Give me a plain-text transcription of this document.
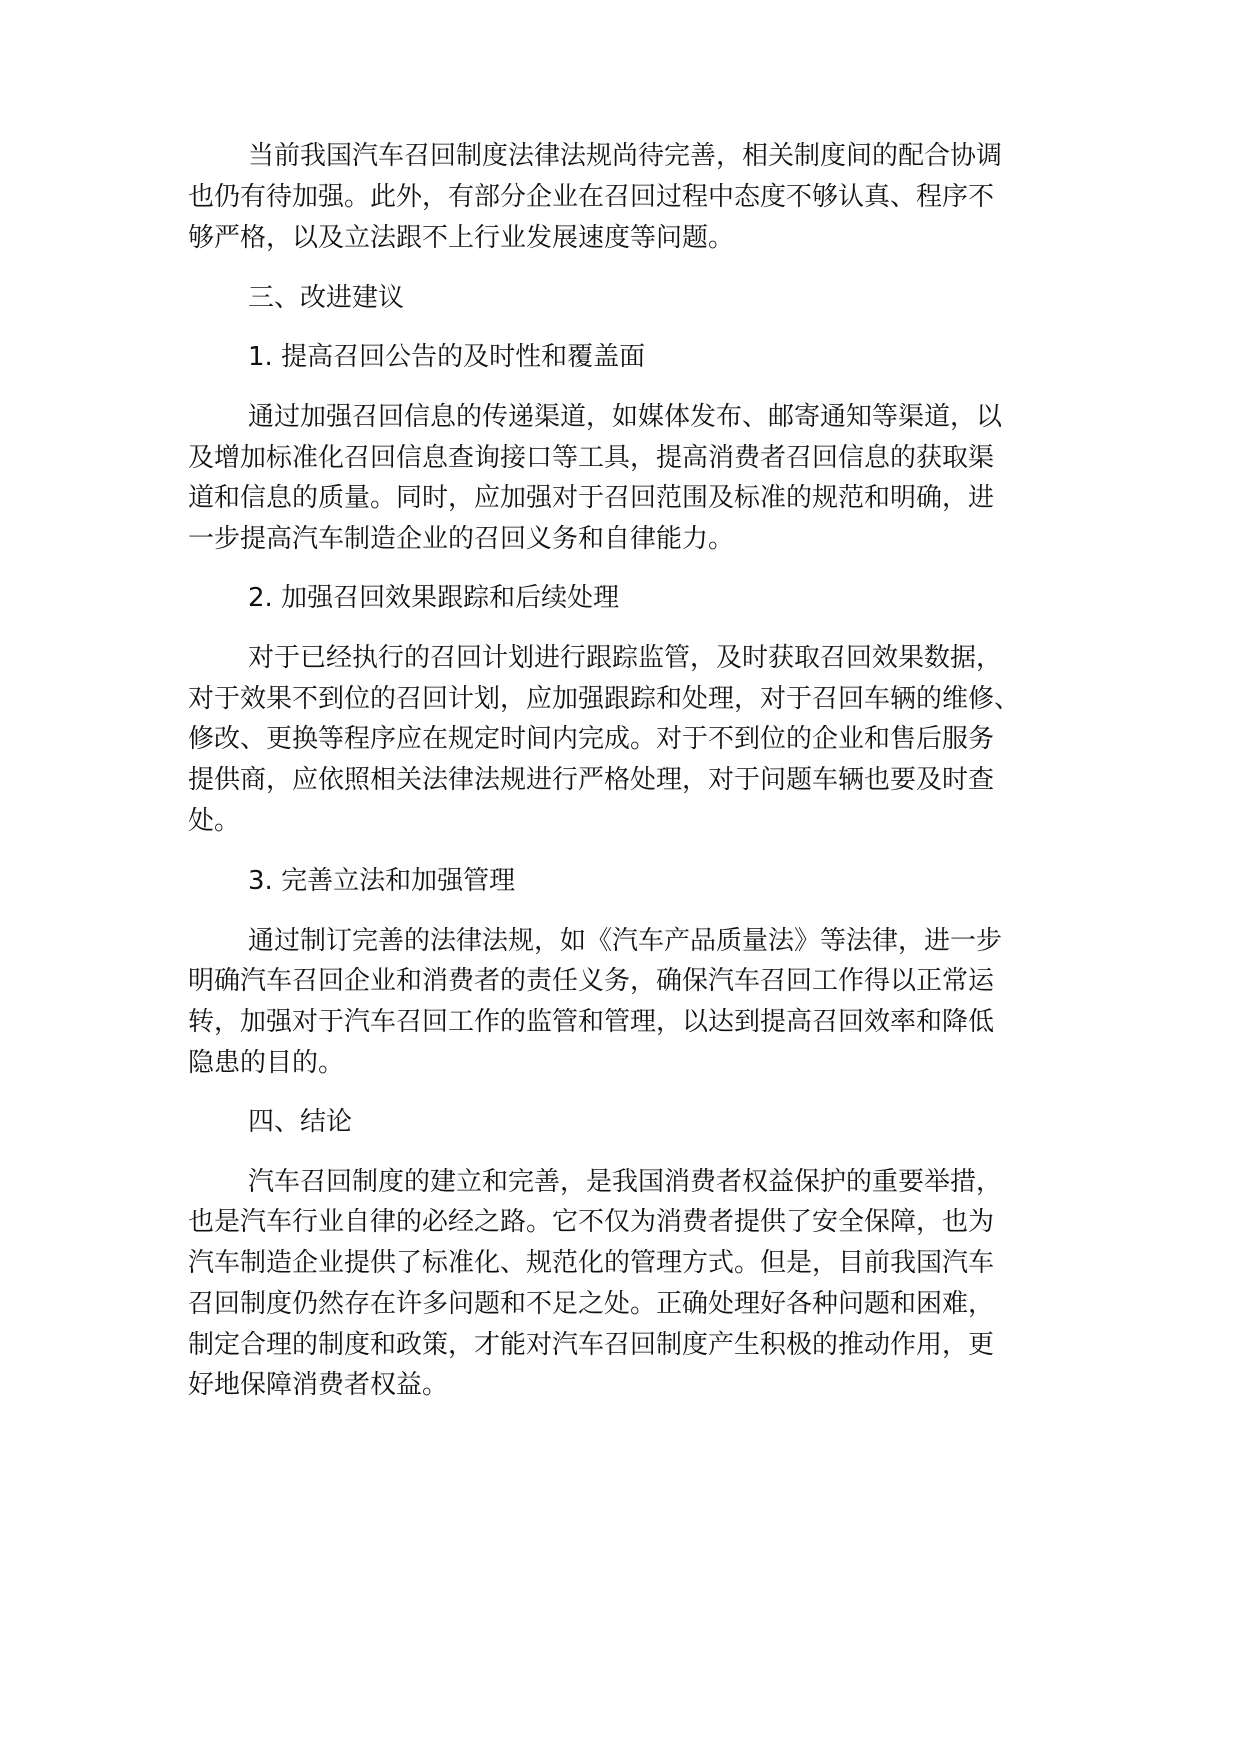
当前我国汽车召回制度法律法规尚待完善，相关制度间的配合协调
也仍有待加强。此外，有部分企业在召回过程中态度不够认真、程序不
够严格，以及立法跟不上行业发展速度等问题。
三、改进建议
1. 提高召回公告的及时性和覆盖面
通过加强召回信息的传递渠道，如媒体发布、邮寄通知等渠道，以
及增加标准化召回信息查询接口等工具，提高消费者召回信息的获取渠
道和信息的质量。同时，应加强对于召回范围及标准的规范和明确，进
一步提高汽车制造企业的召回义务和自律能力。
2. 加强召回效果跟踪和后续处理
对于已经执行的召回计划进行跟踪监管，及时获取召回效果数据，
对于效果不到位的召回计划，应加强跟踪和处理，对于召回车辆的维修、
修改、更换等程序应在规定时间内完成。对于不到位的企业和售后服务
提供商，应依照相关法律法规进行严格处理，对于问题车辆也要及时查
处。
3. 完善立法和加强管理
通过制订完善的法律法规，如《汽车产品质量法》等法律，进一步
明确汽车召回企业和消费者的责任义务，确保汽车召回工作得以正常运
转，加强对于汽车召回工作的监管和管理，以达到提高召回效率和降低
隐患的目的。
四、结论
汽车召回制度的建立和完善，是我国消费者权益保护的重要举措，
也是汽车行业自律的必经之路。它不仅为消费者提供了安全保障，也为
汽车制造企业提供了标准化、规范化的管理方式。但是，目前我国汽车
召回制度仍然存在许多问题和不足之处。正确处理好各种问题和困难，
制定合理的制度和政策，才能对汽车召回制度产生积极的推动作用，更
好地保障消费者权益。
